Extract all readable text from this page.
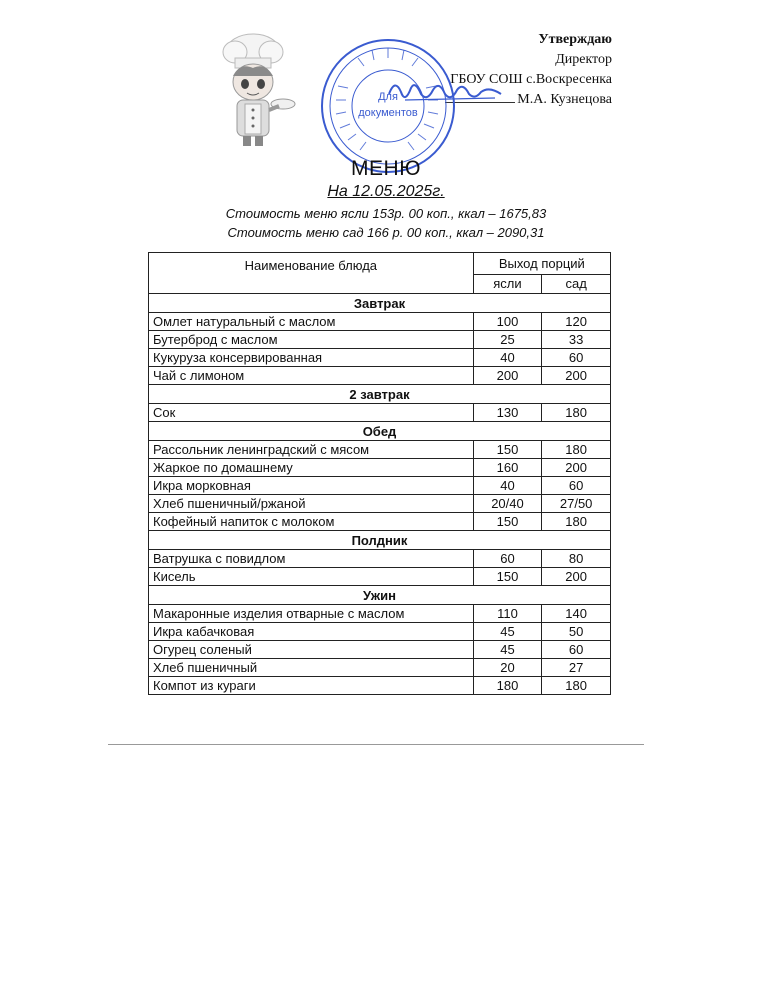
Утверждаю
Директор
ГБОУ СОШ с.Воскресенка
М.А. Кузнецова
Для
документов
МЕНЮ
На 12.05.2025г.
Стоимость меню ясли 153р. 00 коп., ккал – 1675,83
Стоимость меню сад 166 р. 00 коп., ккал – 2090,31
Наименование блюда	Выход порций	
	ясли	сад
Завтрак		
Омлет натуральный с маслом	100	120
Бутерброд с маслом	25	33
Кукуруза консервированная	40	60
Чай с лимоном	200	200
2 завтрак		
Сок	130	180
Обед		
Рассольник ленинградский с мясом	150	180
Жаркое по домашнему	160	200
Икра морковная	40	60
Хлеб пшеничный/ржаной	20/40	27/50
Кофейный напиток с молоком	150	180
Полдник		
Ватрушка с повидлом	60	80
Кисель	150	200
Ужин		
Макаронные изделия отварные с маслом	110	140
Икра кабачковая	45	50
Огурец соленый	45	60
Хлеб пшеничный	20	27
Компот из кураги	180	180
